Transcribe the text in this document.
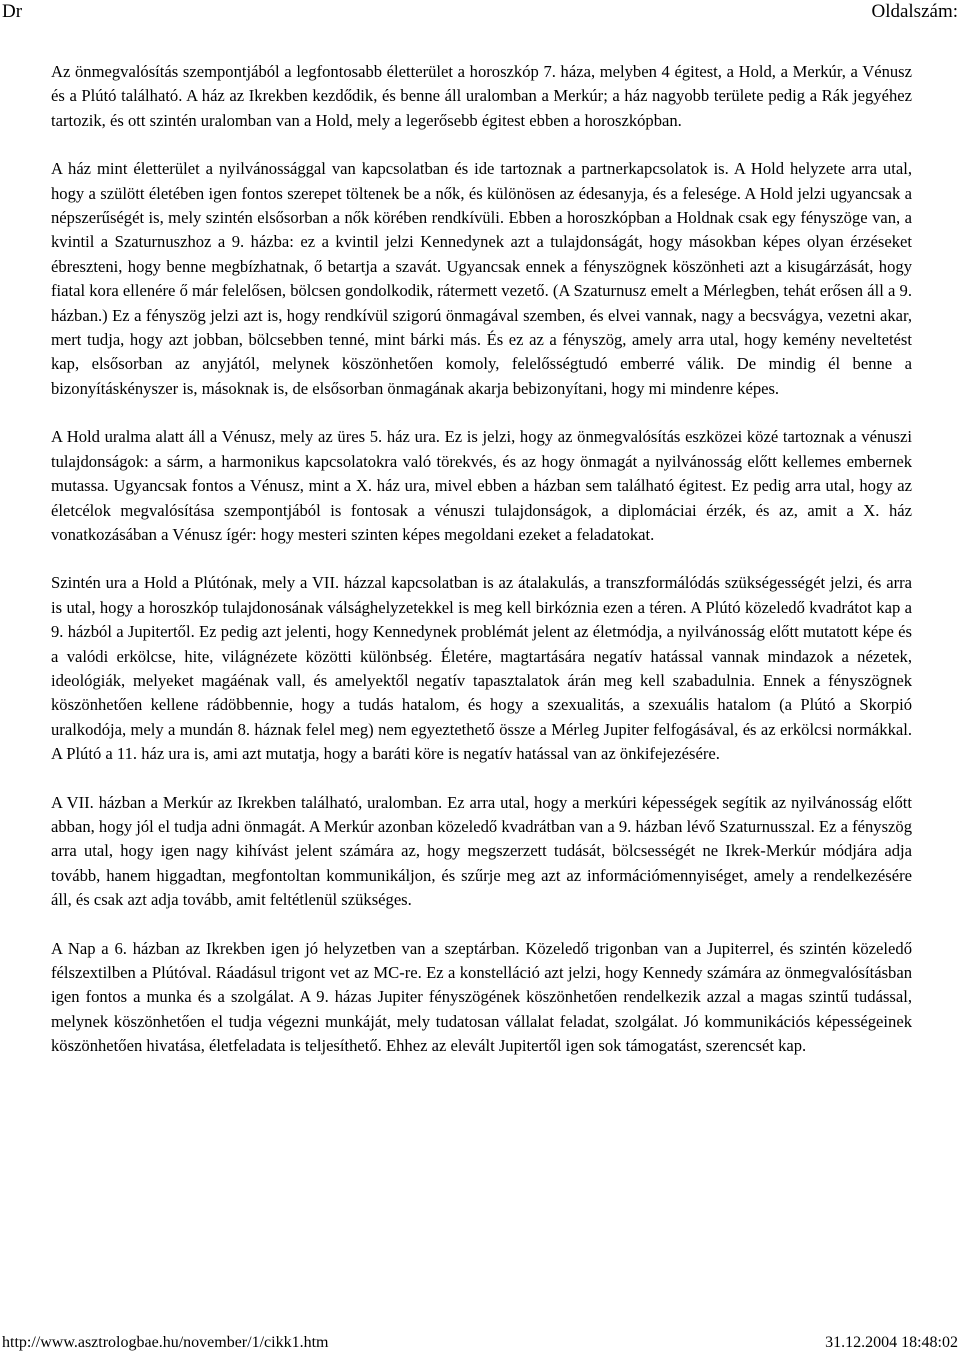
Dr	Oldalszám:

Az önmegvalósítás szempontjából a legfontosabb életterület a horoszkóp 7. háza, melyben 4 égitest, a Hold, a Merkúr, a Vénusz és a Plútó található. A ház az Ikrekben kezdődik, és benne áll uralomban a Merkúr; a ház nagyobb területe pedig a Rák jegyéhez tartozik, és ott szintén uralomban van a Hold, mely a legerősebb égitest ebben a horoszkópban.

A ház mint életterület a nyilvánossággal van kapcsolatban és ide tartoznak a partnerkapcsolatok is. A Hold helyzete arra utal, hogy a szülött életében igen fontos szerepet töltenek be a nők, és különösen az édesanyja, és a felesége. A Hold jelzi ugyancsak a népszerűségét is, mely szintén elsősorban a nők körében rendkívüli. Ebben a horoszkópban a Holdnak csak egy fényszöge van, a kvintil a Szaturnuszhoz a 9. házba: ez a kvintil jelzi Kennedynek azt a tulajdonságát, hogy másokban képes olyan érzéseket ébreszteni, hogy benne megbízhatnak, ő betartja a szavát. Ugyancsak ennek a fényszögnek köszönheti azt a kisugárzását, hogy fiatal kora ellenére ő már felelősen, bölcsen gondolkodik, rátermett vezető. (A Szaturnusz emelt a Mérlegben, tehát erősen áll a 9. házban.) Ez a fényszög jelzi azt is, hogy rendkívül szigorú önmagával szemben, és elvei vannak, nagy a becsvágya, vezetni akar, mert tudja, hogy azt jobban, bölcsebben tenné, mint bárki más. És ez az a fényszög, amely arra utal, hogy kemény neveltetést kap, elsősorban az anyjától, melynek köszönhetően komoly, felelősségtudó emberré válik. De mindig él benne a bizonyításkényszer is, másoknak is, de elsősorban önmagának akarja bebizonyítani, hogy mi mindenre képes.

A Hold uralma alatt áll a Vénusz, mely az üres 5. ház ura. Ez is jelzi, hogy az önmegvalósítás eszközei közé tartoznak a vénuszi tulajdonságok: a sárm, a harmonikus kapcsolatokra való törekvés, és az hogy önmagát a nyilvánosság előtt kellemes embernek mutassa. Ugyancsak fontos a Vénusz, mint a X. ház ura, mivel ebben a házban sem található égitest. Ez pedig arra utal, hogy az életcélok megvalósítása szempontjából is fontosak a vénuszi tulajdonságok, a diplomáciai érzék, és az, amit a X. ház vonatkozásában a Vénusz ígér: hogy mesteri szinten képes megoldani ezeket a feladatokat.

Szintén ura a Hold a Plútónak, mely a VII. házzal kapcsolatban is az átalakulás, a transzformálódás szükségességét jelzi, és arra is utal, hogy a horoszkóp tulajdonosának válsághelyzetekkel is meg kell birkóznia ezen a téren. A Plútó közeledő kvadrátot kap a 9. házból a Jupitertől. Ez pedig azt jelenti, hogy Kennedynek problémát jelent az életmódja, a nyilvánosság előtt mutatott képe és a valódi erkölcse, hite, világnézete közötti különbség. Életére, magtartására negatív hatással vannak mindazok a nézetek, ideológiák, melyeket magáénak vall, és amelyektől negatív tapasztalatok árán meg kell szabadulnia. Ennek a fényszögnek köszönhetően kellene rádöbbennie, hogy a tudás hatalom, és hogy a szexualitás, a szexuális hatalom (a Plútó a Skorpió uralkodója, mely a mundán 8. háznak felel meg) nem egyeztethető össze a Mérleg Jupiter felfogásával, és az erkölcsi normákkal. A Plútó a 11. ház ura is, ami azt mutatja, hogy a baráti köre is negatív hatással van az önkifejezésére.

A VII. házban a Merkúr az Ikrekben található, uralomban. Ez arra utal, hogy a merkúri képességek segítik az nyilvánosság előtt abban, hogy jól el tudja adni önmagát. A Merkúr azonban közeledő kvadrátban van a 9. házban lévő Szaturnusszal. Ez a fényszög arra utal, hogy igen nagy kihívást jelent számára az, hogy megszerzett tudását, bölcsességét ne Ikrek-Merkúr módjára adja tovább, hanem higgadtan, megfontoltan kommunikáljon, és szűrje meg azt az információmennyiséget, amely a rendelkezésére áll, és csak azt adja tovább, amit feltétlenül szükséges.

A Nap a 6. házban az Ikrekben igen jó helyzetben van a szeptárban. Közeledő trigonban van a Jupiterrel, és szintén közeledő félszextilben a Plútóval. Ráadásul trigont vet az MC-re. Ez a konstelláció azt jelzi, hogy Kennedy számára az önmegvalósításban igen fontos a munka és a szolgálat. A 9. házas Jupiter fényszögének köszönhetően rendelkezik azzal a magas szintű tudással, melynek köszönhetően el tudja végezni munkáját, mely tudatosan vállalat feladat, szolgálat. Jó kommunikációs képességeinek köszönhetően hivatása, életfeladata is teljesíthető. Ehhez az elevált Jupitertől igen sok támogatást, szerencsét kap.

http://www.asztrologbae.hu/november/1/cikk1.htm	31.12.2004 18:48:02
